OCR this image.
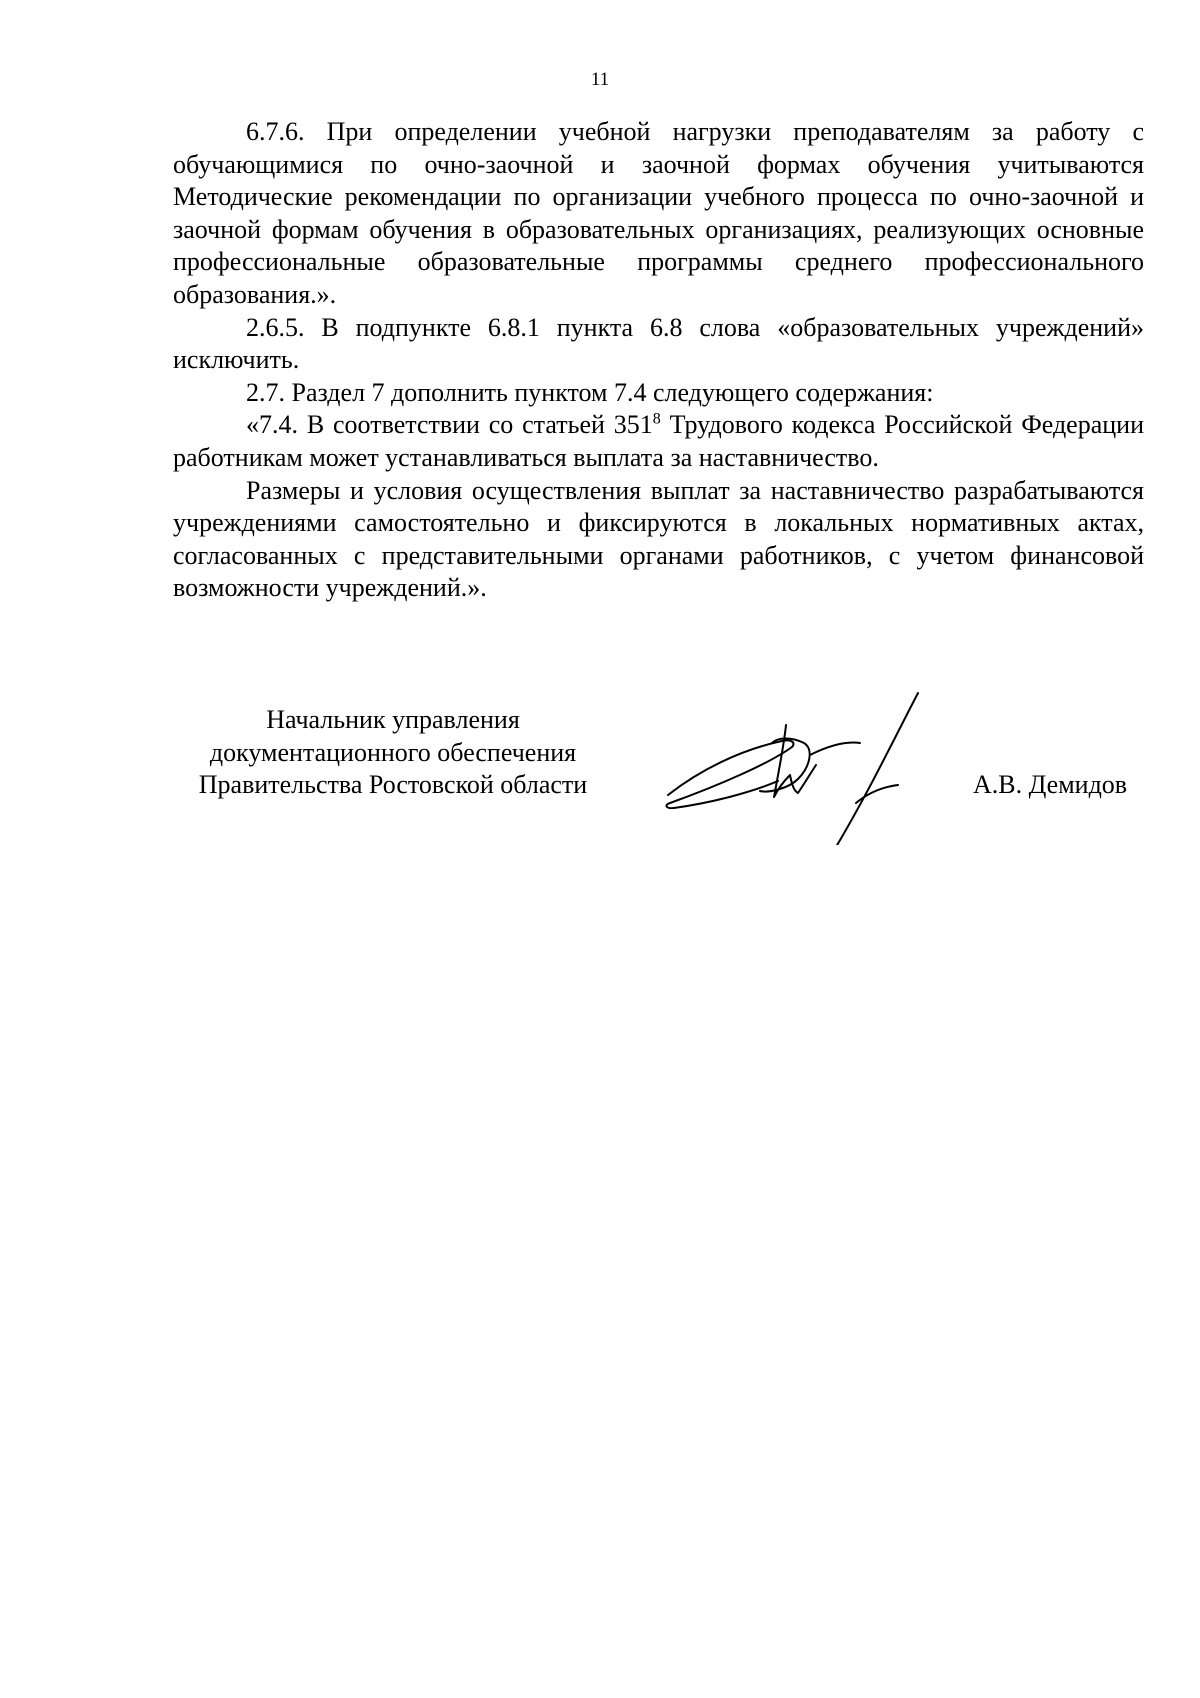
11

6.7.6. При определении учебной нагрузки преподавателям за работу с обучающимися по очно-заочной и заочной формах обучения учитываются Методические рекомендации по организации учебного процесса по очно-заочной и заочной формам обучения в образовательных организациях, реализующих основные профессиональные образовательные программы среднего профессионального образования.».

2.6.5. В подпункте 6.8.1 пункта 6.8 слова «образовательных учреждений» исключить.

2.7. Раздел 7 дополнить пунктом 7.4 следующего содержания:

«7.4. В соответствии со статьей $351^8$ Трудового кодекса Российской Федерации работникам может устанавливаться выплата за наставничество.

Размеры и условия осуществления выплат за наставничество разрабатываются учреждениями самостоятельно и фиксируются в локальных нормативных актах, согласованных с представительными органами работников, с учетом финансовой возможности учреждений.».

Начальник управления
документационного обеспечения
Правительства Ростовской области	А.В. Демидов
